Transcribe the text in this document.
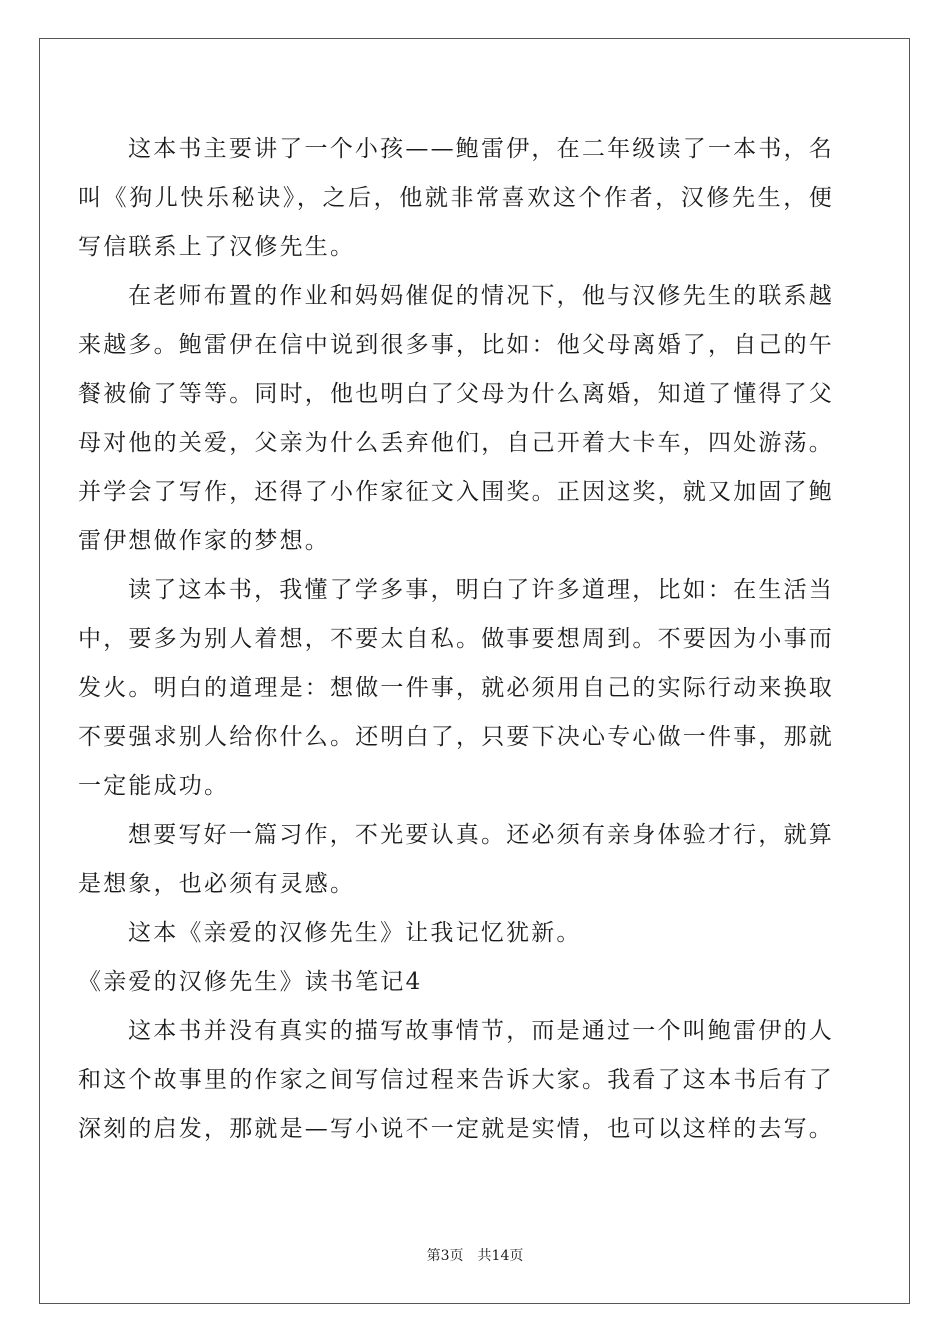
这本书主要讲了一个小孩——鲍雷伊，在二年级读了一本书，名叫《狗儿快乐秘诀》，之后，他就非常喜欢这个作者，汉修先生，便写信联系上了汉修先生。

在老师布置的作业和妈妈催促的情况下，他与汉修先生的联系越来越多。鲍雷伊在信中说到很多事，比如：他父母离婚了，自己的午餐被偷了等等。同时，他也明白了父母为什么离婚，知道了懂得了父母对他的关爱，父亲为什么丢弃他们，自己开着大卡车，四处游荡。并学会了写作，还得了小作家征文入围奖。正因这奖，就又加固了鲍雷伊想做作家的梦想。

读了这本书，我懂了学多事，明白了许多道理，比如：在生活当中，要多为别人着想，不要太自私。做事要想周到。不要因为小事而发火。明白的道理是：想做一件事，就必须用自己的实际行动来换取不要强求别人给你什么。还明白了，只要下决心专心做一件事，那就一定能成功。

想要写好一篇习作，不光要认真。还必须有亲身体验才行，就算是想象，也必须有灵感。

这本《亲爱的汉修先生》让我记忆犹新。

《亲爱的汉修先生》读书笔记4

这本书并没有真实的描写故事情节，而是通过一个叫鲍雷伊的人和这个故事里的作家之间写信过程来告诉大家。我看了这本书后有了深刻的启发，那就是—写小说不一定就是实情，也可以这样的去写。

第3页 共14页
